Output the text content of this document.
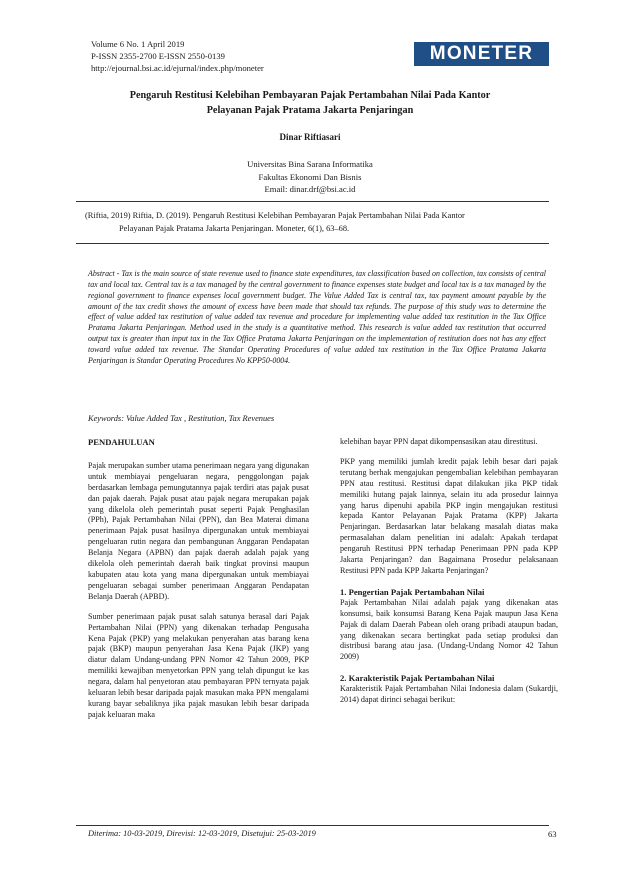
Volume 6 No. 1 April 2019
P-ISSN 2355-2700 E-ISSN 2550-0139
http://ejournal.bsi.ac.id/ejurnal/index.php/moneter
MONETER
Pengaruh Restitusi Kelebihan Pembayaran Pajak Pertambahan Nilai Pada Kantor
Pelayanan Pajak Pratama Jakarta Penjaringan
Dinar Riftiasari
Universitas Bina Sarana Informatika
Fakultas Ekonomi Dan Bisnis
Email: dinar.drf@bsi.ac.id
(Riftia, 2019) Riftia, D. (2019). Pengaruh Restitusi Kelebihan Pembayaran Pajak Pertambahan Nilai Pada Kantor
Pelayanan Pajak Pratama Jakarta Penjaringan. Moneter, 6(1), 63–68.
Abstract - Tax is the main source of state revenue used to finance state expenditures, tax classification based on collection, tax consists of central tax and local tax. Central tax is a tax managed by the central government to finance expenses state budget and local tax is a tax managed by the regional government to finance expenses local government budget. The Value Added Tax is central tax, tax payment amount payable by the amount of the tax credit shows the amount of excess have been made that should tax refunds. The purpose of this study was to determine the effect of value added tax restitution of value added tax revenue and procedure for implementing value added tax restitution in the Tax Office Pratama Jakarta Penjaringan. Method used in the study is a quantitative method. This research is value added tax restitution that occurred output tax is greater than input tax in the Tax Office Pratama Jakarta Penjaringan on the implementation of restitution does not has any effect toward value added tax revenue. The Standar Operating Procedures of value added tax restitution in the Tax Office Pratama Jakarta Penjaringan is Standar Operating Procedures No KPP50-0004.
Keywords: Value Added Tax , Restitution, Tax Revenues

PENDAHULUAN

Pajak merupakan sumber utama penerimaan negara yang digunakan untuk membiayai pengeluaran negara, penggolongan pajak berdasarkan lembaga pemungutannya pajak terdiri atas pajak pusat dan pajak daerah. Pajak pusat atau pajak negara merupakan pajak yang dikelola oleh pemerintah pusat seperti Pajak Penghasilan (PPh), Pajak Pertambahan Nilai (PPN), dan Bea Materai dimana penerimaan Pajak pusat hasilnya dipergunakan untuk membiayai pengeluaran rutin negara dan pembangunan Anggaran Pendapatan Belanja Negara (APBN) dan pajak daerah adalah pajak yang dikelola oleh pemerintah daerah baik tingkat provinsi maupun kabupaten atau kota yang mana dipergunakan untuk membiayai pengeluaran sebagai sumber penerimaan Anggaran Pendapatan Belanja Daerah (APBD).

Sumber penerimaan pajak pusat salah satunya berasal dari Pajak Pertambahan Nilai (PPN) yang dikenakan terhadap Pengusaha Kena Pajak (PKP) yang melakukan penyerahan atas barang kena pajak (BKP) maupun penyerahan Jasa Kena Pajak (JKP) yang diatur dalam Undang-undang PPN Nomor 42 Tahun 2009, PKP memiliki kewajiban menyetorkan PPN yang telah dipungut ke kas negara, dalam hal penyetoran atau pembayaran PPN ternyata pajak keluaran lebih besar daripada pajak masukan maka PPN mengalami kurang bayar sebaliknya jika pajak masukan lebih besar daripada pajak keluaran maka

kelebihan bayar PPN dapat dikompensasikan atau direstitusi.

PKP yang memiliki jumlah kredit pajak lebih besar dari pajak terutang berhak mengajukan pengembalian kelebihan pembayaran PPN atau restitusi. Restitusi dapat dilakukan jika PKP tidak memiliki hutang pajak lainnya, selain itu ada prosedur lainnya yang harus dipenuhi apabila PKP ingin mengajukan restitusi kepada Kantor Pelayanan Pajak Pratama (KPP) Jakarta Penjaringan. Berdasarkan latar belakang masalah diatas maka permasalahan dalam penelitian ini adalah: Apakah terdapat pengaruh Restitusi PPN terhadap Penerimaan PPN pada KPP Jakarta Penjaringan? dan Bagaimana Prosedur pelaksanaan Restitusi PPN pada KPP Jakarta Penjaringan?

1. Pengertian Pajak Pertambahan Nilai

Pajak Pertambahan Nilai adalah pajak yang dikenakan atas konsumsi, baik konsumsi Barang Kena Pajak maupun Jasa Kena Pajak di dalam Daerah Pabean oleh orang pribadi ataupun badan, yang dikenakan secara bertingkat pada setiap produksi dan distribusi barang atau jasa. (Undang-Undang Nomor 42 Tahun 2009)

2. Karakteristik Pajak Pertambahan Nilai

Karakteristik Pajak Pertambahan Nilai Indonesia dalam (Sukardji, 2014) dapat dirinci sebagai berikut:

Diterima: 10-03-2019, Direvisi: 12-03-2019, Disetujui: 25-03-2019	63
